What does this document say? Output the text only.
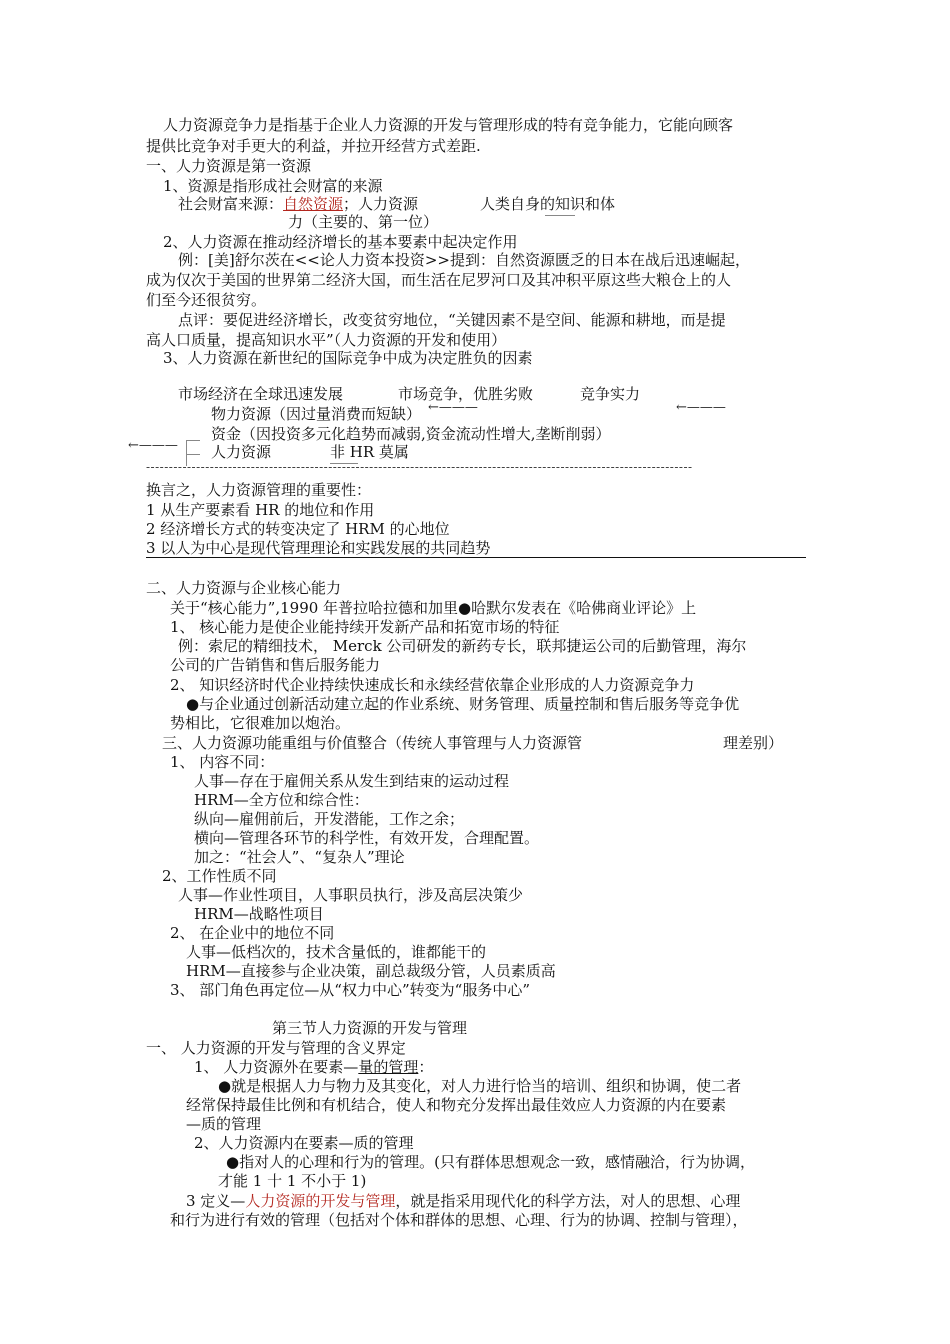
人力资源竞争力是指基于企业人力资源的开发与管理形成的特有竞争能力，它能向顾客
提供比竞争对手更大的利益，并拉开经营方式差距.
一、人力资源是第一资源
1、资源是指形成社会财富的来源
社会财富来源：自然资源；人力资源	人类自身的知识和体
力（主要的、第一位）
2、人力资源在推动经济增长的基本要素中起决定作用
例：[美]舒尔茨在<<论人力资本投资>>提到：自然资源匮乏的日本在战后迅速崛起，
成为仅次于美国的世界第二经济大国，而生活在尼罗河口及其冲积平原这些大粮仓上的人
们至今还很贫穷。
点评：要促进经济增长，改变贫穷地位，“关键因素不是空间、能源和耕地，而是提
高人口质量，提高知识水平”（人力资源的开发和使用）
3、人力资源在新世纪的国际竞争中成为决定胜负的因素
市场经济在全球迅速发展	市场竞争，优胜劣败	竞争实力
←———
物力资源（因过量消费而短缺） ←———
资金（因投资多元化趋势而减弱,资金流动性增大,垄断削弱）
←——— 人力资源	非 HR 莫属
------------------------------------------------------------------------------------------------------------------------
换言之，人力资源管理的重要性：
1 从生产要素看 HR 的地位和作用
2 经济增长方式的转变决定了 HRM 的心地位
3 以人为中心是现代管理理论和实践发展的共同趋势
二、人力资源与企业核心能力
关于“核心能力”,1990 年普拉哈拉德和加里●哈默尔发表在《哈佛商业评论》上
1、 核心能力是使企业能持续开发新产品和拓宽市场的特征
例：索尼的精细技术， Merck 公司研发的新药专长，联邦捷运公司的后勤管理，海尔
公司的广告销售和售后服务能力
2、 知识经济时代企业持续快速成长和永续经营依靠企业形成的人力资源竞争力
●与企业通过创新活动建立起的作业系统、财务管理、质量控制和售后服务等竞争优
势相比，它很难加以炮治。
三、人力资源功能重组与价值整合（传统人事管理与人力资源管	理差别）
1、 内容不同：
人事—存在于雇佣关系从发生到结束的运动过程
HRM—全方位和综合性：
纵向—雇佣前后，开发潜能，工作之余；
横向—管理各环节的科学性，有效开发，合理配置。
加之：“社会人”、“复杂人”理论
2、工作性质不同
人事—作业性项目，人事职员执行，涉及高层决策少
HRM—战略性项目
2、 在企业中的地位不同
人事—低档次的，技术含量低的，谁都能干的
HRM—直接参与企业决策，副总裁级分管，人员素质高
3、 部门角色再定位—从“权力中心”转变为“服务中心”
第三节人力资源的开发与管理
一、 人力资源的开发与管理的含义界定
1、 人力资源外在要素—量的管理：
●就是根据人力与物力及其变化，对人力进行恰当的培训、组织和协调，使二者
经常保持最佳比例和有机结合，使人和物充分发挥出最佳效应人力资源的内在要素
—质的管理
2、人力资源内在要素—质的管理
●指对人的心理和行为的管理。(只有群体思想观念一致，感情融洽，行为协调，
才能 1 十 1 不小于 1)
3 定义—人力资源的开发与管理，就是指采用现代化的科学方法，对人的思想、心理
和行为进行有效的管理（包括对个体和群体的思想、心理、行为的协调、控制与管理），
